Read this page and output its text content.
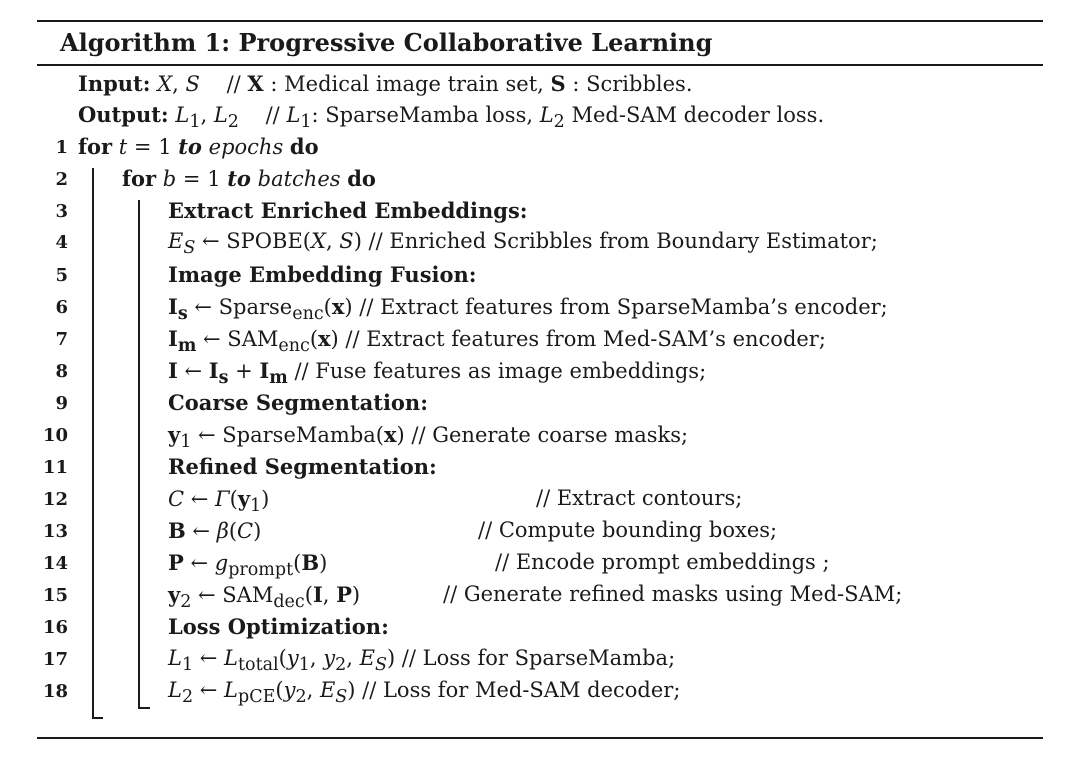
Algorithm 1: Progressive Collaborative Learning
Input: X, S    // X : Medical image train set, S : Scribbles.
Output: $L_1$, $L_2$    // $L_1$: SparseMamba loss, $L_2$ Med-SAM decoder loss.
1 for t = 1 to epochs do
2	for b = 1 to batches do
3	Extract Enriched Embeddings:
4	$E_S$ ← SPOBE(X, S) // Enriched Scribbles from Boundary Estimator;
5	Image Embedding Fusion:
6	$I_s$ ← Sparse$_{enc}$(x) // Extract features from SparseMamba’s encoder;
7	$I_m$ ← $SAM_{enc}(x)$ // Extract features from Med-SAM’s encoder;
8	I ← $I_s + I_m$ // Fuse features as image embeddings;
9	Coarse Segmentation:
10	$y_1$ ← SparseMamba(x) // Generate coarse masks;
11	Refined Segmentation:
12	C ← $\Gamma(y_1)$	// Extract contours;
13	B ← β(C)	// Compute bounding boxes;
14	P ← $g_{prompt}(B)$	// Encode prompt embeddings ;
15	$y_2$ ← $SAM_{dec}(I$, P)	// Generate refined masks using Med-SAM;
16	Loss Optimization:
17	$L_1$ ← $L_{total}(y_1$, $y_2$, $E_S$) // Loss for SparseMamba;
18	$L_2$ ← $L_{pCE}(y_2$, $E_S$) // Loss for Med-SAM decoder;
